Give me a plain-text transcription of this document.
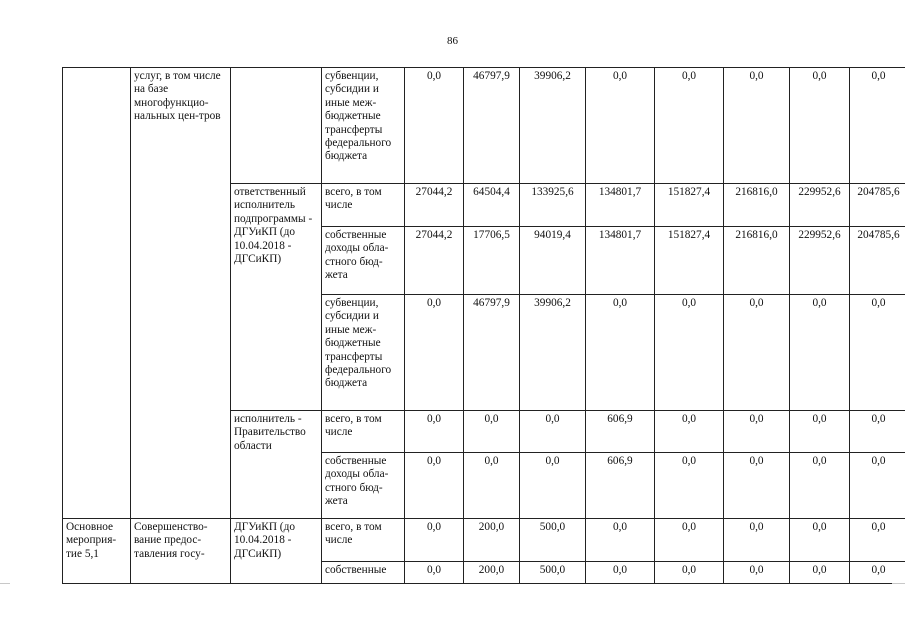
86
	услуг, в том числе на базе многофункцио-нальных цен-тров		субвенции, субсидии и иные меж-бюджетные трансферты федерального бюджета	0,0	46797,9	39906,2	0,0	0,0	0,0	0,0	0,0
		ответственный исполнитель подпрограммы - ДГУиКП (до 10.04.2018 - ДГСиКП)	всего, в том числе	27044,2	64504,4	133925,6	134801,7	151827,4	216816,0	229952,6	204785,6
			собственные доходы обла-стного бюд-жета	27044,2	17706,5	94019,4	134801,7	151827,4	216816,0	229952,6	204785,6
			субвенции, субсидии и иные меж-бюджетные трансферты федерального бюджета	0,0	46797,9	39906,2	0,0	0,0	0,0	0,0	0,0
		исполнитель - Правительство области	всего, в том числе	0,0	0,0	0,0	606,9	0,0	0,0	0,0	0,0
			собственные доходы обла-стного бюд-жета	0,0	0,0	0,0	606,9	0,0	0,0	0,0	0,0
Основное мероприя-тие 5,1	Совершенство-вание предос-тавления госу-	ДГУиКП (до 10.04.2018 - ДГСиКП)	всего, в том числе	0,0	200,0	500,0	0,0	0,0	0,0	0,0	0,0
			собственные	0,0	200,0	500,0	0,0	0,0	0,0	0,0	0,0
